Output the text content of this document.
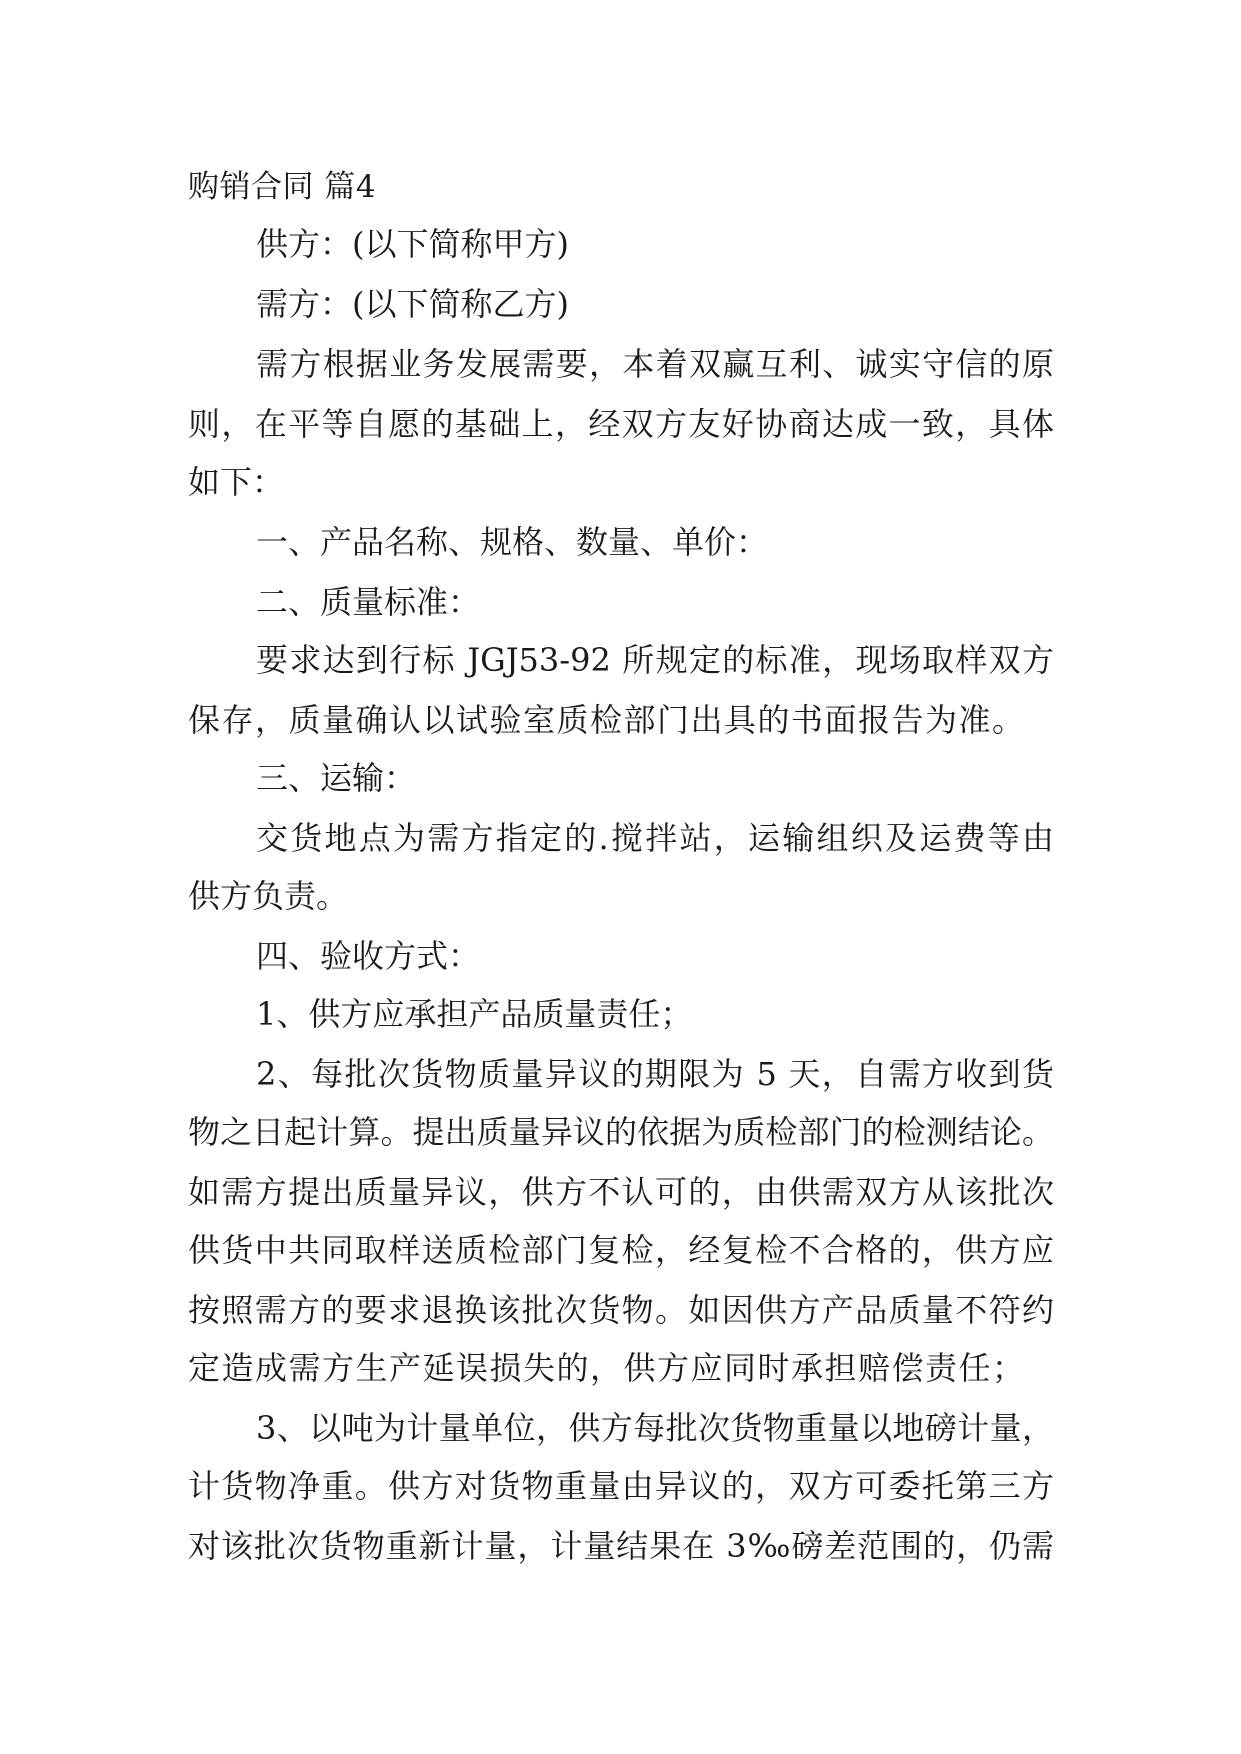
购销合同 篇4
供方：(以下简称甲方)
需方：(以下简称乙方)
需方根据业务发展需要，本着双赢互利、诚实守信的原
则，在平等自愿的基础上，经双方友好协商达成一致，具体
如下：
一、产品名称、规格、数量、单价：
二、质量标准：
要求达到行标 JGJ53-92 所规定的标准，现场取样双方
保存，质量确认以试验室质检部门出具的书面报告为准。
三、运输：
交货地点为需方指定的.搅拌站，运输组织及运费等由
供方负责。
四、验收方式：
1、供方应承担产品质量责任；
2、每批次货物质量异议的期限为 5 天，自需方收到货
物之日起计算。提出质量异议的依据为质检部门的检测结论。
如需方提出质量异议，供方不认可的，由供需双方从该批次
供货中共同取样送质检部门复检，经复检不合格的，供方应
按照需方的要求退换该批次货物。如因供方产品质量不符约
定造成需方生产延误损失的，供方应同时承担赔偿责任；
3、以吨为计量单位，供方每批次货物重量以地磅计量，
计货物净重。供方对货物重量由异议的，双方可委托第三方
对该批次货物重新计量，计量结果在 3‰磅差范围的，仍需
